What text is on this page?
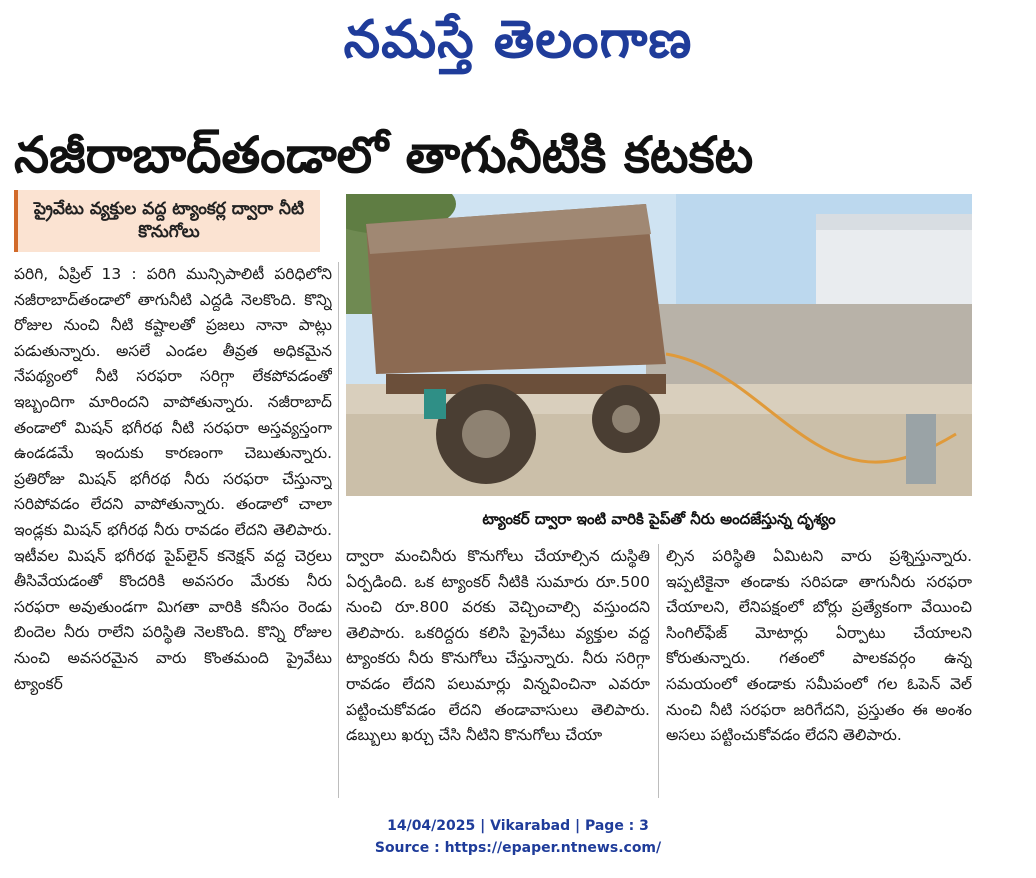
నమస్తే తెలంగాణ
నజీరాబాద్‌తండాలో తాగునీటికి కటకట
ప్రైవేటు వ్యక్తుల వద్ద ట్యాంకర్ల ద్వారా నీటి కొనుగోలు
ట్యాంకర్ ద్వారా ఇంటి వారికి పైప్‌తో నీరు అందజేస్తున్న దృశ్యం
పరిగి, ఏప్రిల్ 13 : పరిగి మున్సిపాలిటీ పరిధిలోని నజీరాబాద్‌తండాలో తాగునీటి ఎద్దడి నెలకొంది. కొన్ని రోజుల నుంచి నీటి కష్టాలతో ప్రజలు నానా పాట్లు పడుతున్నారు. అసలే ఎండల తీవ్రత అధికమైన నేపథ్యంలో నీటి సరఫరా సరిగ్గా లేకపోవడంతో ఇబ్బందిగా మారిందని వాపోతున్నారు. నజీరాబాద్ తండాలో మిషన్ భగీరథ నీటి సరఫరా అస్తవ్యస్తంగా ఉండడమే ఇందుకు కారణంగా చెబుతున్నారు. ప్రతిరోజు మిషన్ భగీరథ నీరు సరఫరా చేస్తున్నా సరిపోవడం లేదని వాపోతున్నారు. తండాలో చాలా ఇండ్లకు మిషన్ భగీరథ నీరు రావడం లేదని తెలిపారు. ఇటీవల మిషన్ భగీరథ పైప్‌లైన్ కనెక్షన్ వద్ద చెర్రలు తీసివేయడంతో కొందరికి అవసరం మేరకు నీరు సరఫరా అవుతుండగా మిగతా వారికి కనీసం రెండు బిందెల నీరు రాలేని పరిస్థితి నెలకొంది. కొన్ని రోజుల నుంచి అవసరమైన వారు కొంతమంది ప్రైవేటు ట్యాంకర్
ద్వారా మంచినీరు కొనుగోలు చేయాల్సిన దుస్థితి ఏర్పడింది. ఒక ట్యాంకర్ నీటికి సుమారు రూ.500 నుంచి రూ.800 వరకు వెచ్చించాల్సి వస్తుందని తెలిపారు. ఒకరిద్దరు కలిసి ప్రైవేటు వ్యక్తుల వద్ద ట్యాంకరు నీరు కొనుగోలు చేస్తున్నారు. నీరు సరిగ్గా రావడం లేదని పలుమార్లు విన్నవించినా ఎవరూ పట్టించుకోవడం లేదని తండావాసులు తెలిపారు. డబ్బులు ఖర్చు చేసి నీటిని కొనుగోలు చేయా
ల్సిన పరిస్థితి ఏమిటని వారు ప్రశ్నిస్తున్నారు. ఇప్పటికైనా తండాకు సరిపడా తాగునీరు సరఫరా చేయాలని, లేనిపక్షంలో బోర్లు ప్రత్యేకంగా వేయించి సింగిల్‌ఫేజ్ మోటార్లు ఏర్పాటు చేయాలని కోరుతున్నారు. గతంలో పాలకవర్గం ఉన్న సమయంలో తండాకు సమీపంలో గల ఓపెన్ వెల్ నుంచి నీటి సరఫరా జరిగేదని, ప్రస్తుతం ఈ అంశం అసలు పట్టించుకోవడం లేదని తెలిపారు.
14/04/2025 | Vikarabad | Page : 3
Source : https://epaper.ntnews.com/
